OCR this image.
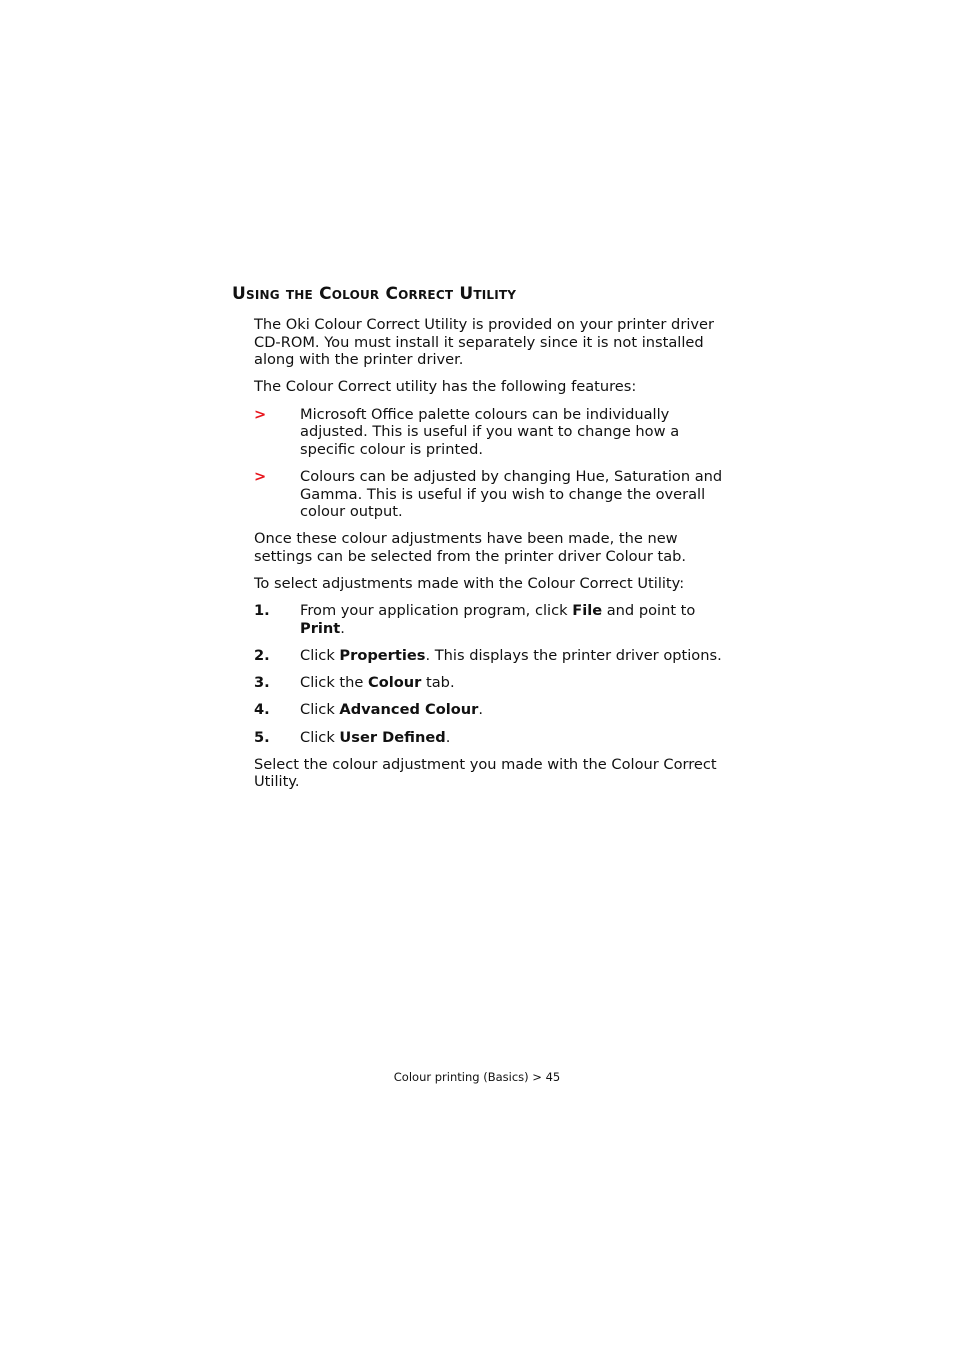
Using the Colour Correct Utility

The Oki Colour Correct Utility is provided on your printer driver CD-ROM. You must install it separately since it is not installed along with the printer driver.

The Colour Correct utility has the following features:

> Microsoft Office palette colours can be individually adjusted. This is useful if you want to change how a specific colour is printed.
> Colours can be adjusted by changing Hue, Saturation and Gamma. This is useful if you wish to change the overall colour output.

Once these colour adjustments have been made, the new settings can be selected from the printer driver Colour tab.

To select adjustments made with the Colour Correct Utility:

1. From your application program, click File and point to Print.
2. Click Properties. This displays the printer driver options.
3. Click the Colour tab.
4. Click Advanced Colour.
5. Click User Defined.

Select the colour adjustment you made with the Colour Correct Utility.

Colour printing (Basics) > 45
